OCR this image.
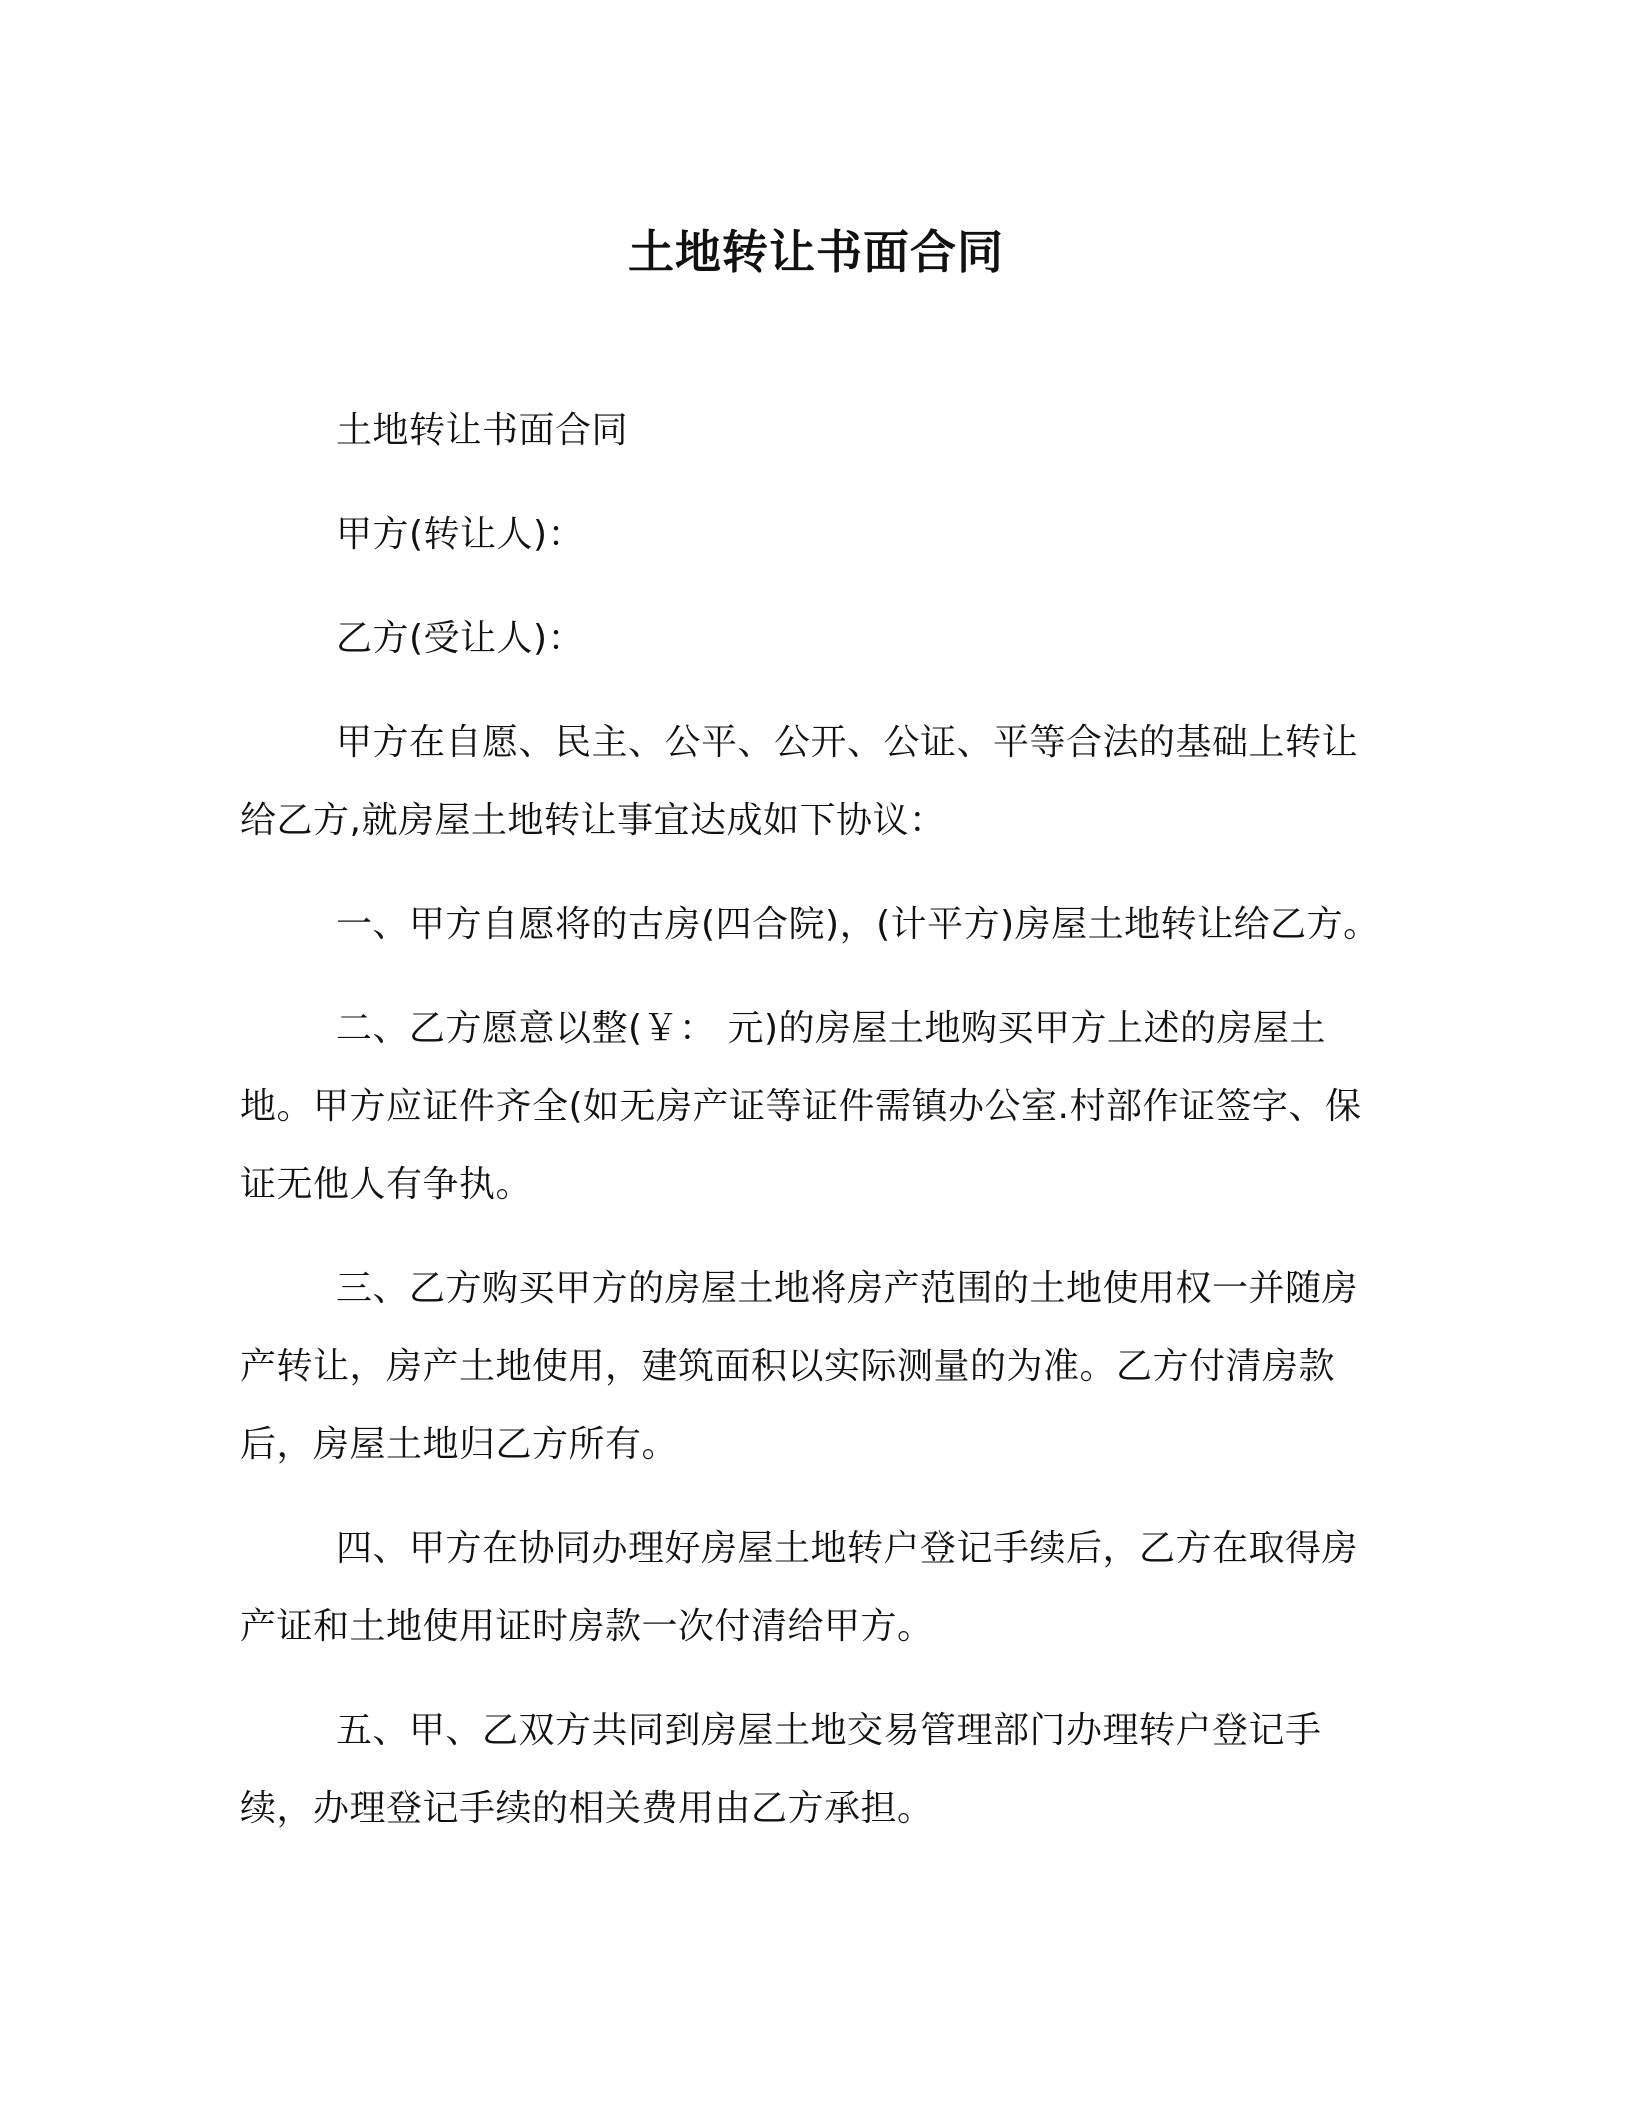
土地转让书面合同

土地转让书面合同

甲方(转让人)：

乙方(受让人)：

甲方在自愿、民主、公平、公开、公证、平等合法的基础上转让给乙方,就房屋土地转让事宜达成如下协议：

一、甲方自愿将的古房(四合院)，(计平方)房屋土地转让给乙方。

二、乙方愿意以整(￥： 元)的房屋土地购买甲方上述的房屋土地。甲方应证件齐全(如无房产证等证件需镇办公室.村部作证签字、保证无他人有争执。

三、乙方购买甲方的房屋土地将房产范围的土地使用权一并随房产转让，房产土地使用，建筑面积以实际测量的为准。乙方付清房款后，房屋土地归乙方所有。

四、甲方在协同办理好房屋土地转户登记手续后，乙方在取得房产证和土地使用证时房款一次付清给甲方。

五、甲、乙双方共同到房屋土地交易管理部门办理转户登记手续，办理登记手续的相关费用由乙方承担。
